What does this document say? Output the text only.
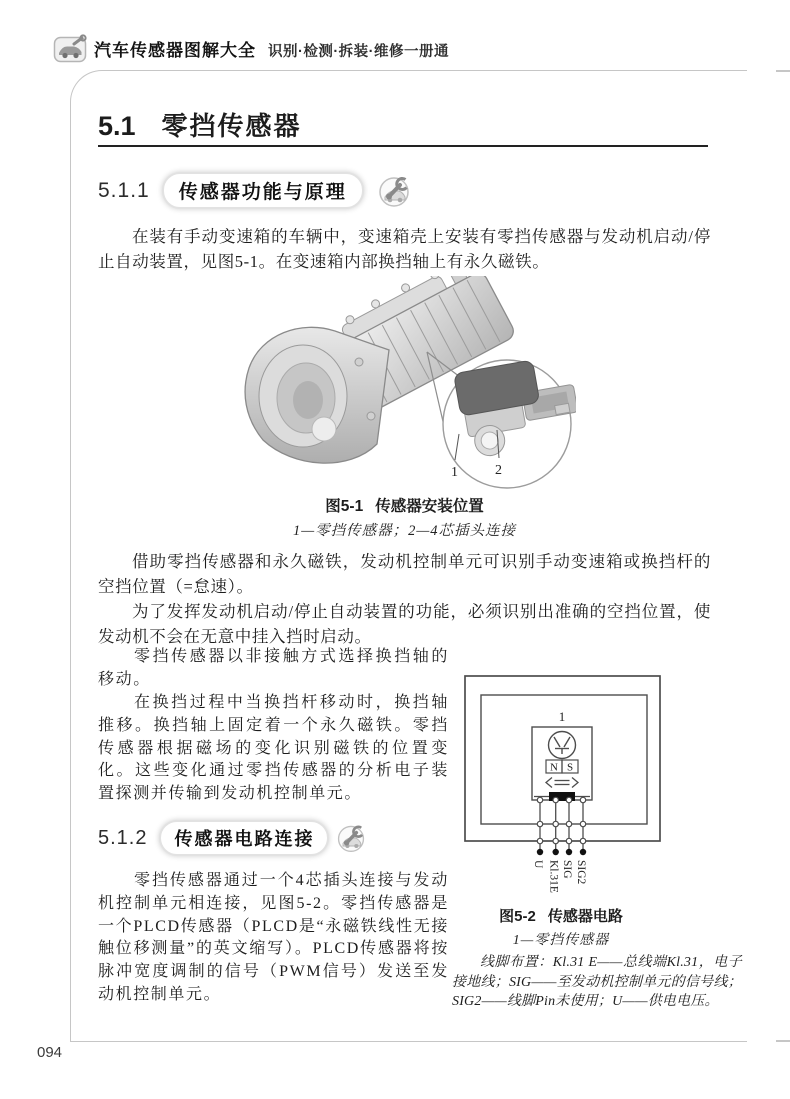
汽车传感器图解大全 识别·检测·拆装·维修一册通
094
5.1 零挡传感器
5.1.1	传感器功能与原理

在装有手动变速箱的车辆中，变速箱壳上安装有零挡传感器与发动机启动/停止自动装置，见图5-1。在变速箱内部换挡轴上有永久磁铁。

1	2
图5-1 传感器安装位置
1—零挡传感器；2—4芯插头连接

借助零挡传感器和永久磁铁，发动机控制单元可识别手动变速箱或换挡杆的空挡位置（=怠速）。

为了发挥发动机启动/停止自动装置的功能，必须识别出准确的空挡位置，使发动机不会在无意中挂入挡时启动。

零挡传感器以非接触方式选择换挡轴的移动。

在换挡过程中当换挡杆移动时，换挡轴推移。换挡轴上固定着一个永久磁铁。零挡传感器根据磁场的变化识别磁铁的位置变化。这些变化通过零挡传感器的分析电子装置探测并传输到发动机控制单元。

5.1.2	传感器电路连接

零挡传感器通过一个4芯插头连接与发动机控制单元相连接，见图5-2。零挡传感器是一个PLCD传感器（PLCD是“永磁铁线性无接触位移测量”的英文缩写）。PLCD传感器将按脉冲宽度调制的信号（PWM信号）发送至发动机控制单元。

1
N S
U Kl.31E SIG SIG2
图5-2 传感器电路
1—零挡传感器

线脚布置：Kl.31 E——总线端Kl.31，电子接地线；SIG——至发动机控制单元的信号线；SIG2——线脚Pin未使用；U——供电电压。
